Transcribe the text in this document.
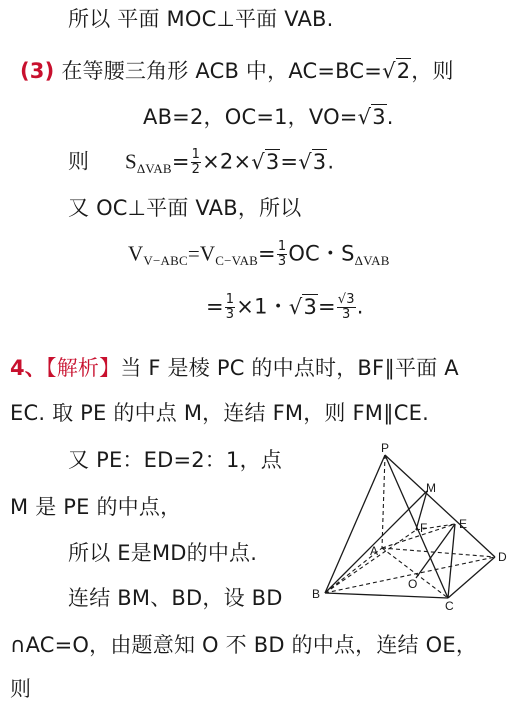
所以 平面 MOC⊥平面 VAB.
(3) 在等腰三角形 ACB 中，AC=BC=√2，则
AB=2，OC=1，VO=√3.
则 $S\Delta VAB= \frac{1}{2} \times 2\times√3=√3$.
又 OC⊥平面 VAB，所以
$VV-ABC=VC-VAB= \frac{1}{3}$ OC・SΔVAB
= $\frac{1}{3} \times 1$・$√3= \frac{√3}{3}$ .
4、【解析】当 F 是棱 PC 的中点时，BF∥平面 A
EC. 取 PE 的中点 M，连结 FM，则 FM∥CE.
又 PE：ED=2：1，点
M 是 PE 的中点，
所以 E是MD的中点.
连结 BM、BD，设 BD
∩AC=O，由题意知 O 不 BD 的中点，连结 OE，
则
P
M
F	E
A	D
O
B
C
